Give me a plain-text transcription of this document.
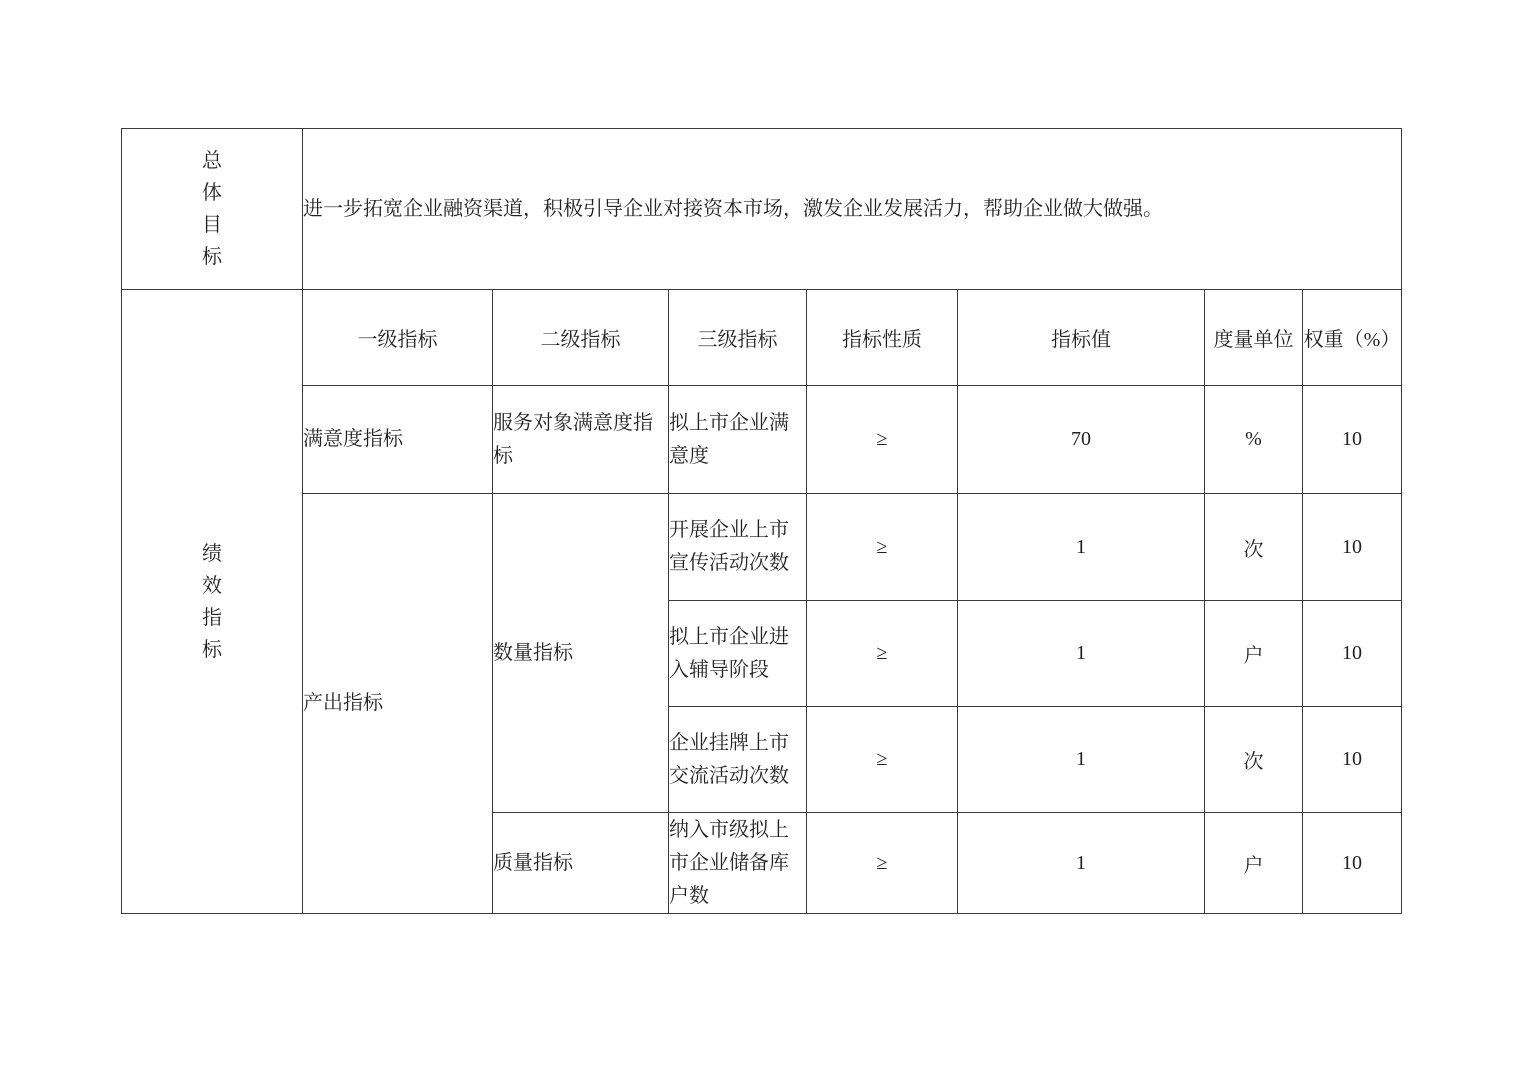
总体目标	进一步拓宽企业融资渠道，积极引导企业对接资本市场，激发企业发展活力，帮助企业做大做强。						

绩效指标	一级指标	二级指标	三级指标	指标性质	指标值	度量单位	权重（%）
	满意度指标	服务对象满意度指标	拟上市企业满意度	≥	70	%	10
	产出指标	数量指标	开展企业上市宣传活动次数	≥	1	次	10
			拟上市企业进入辅导阶段	≥	1	户	10
			企业挂牌上市交流活动次数	≥	1	次	10
		质量指标	纳入市级拟上市企业储备库户数	≥	1	户	10
